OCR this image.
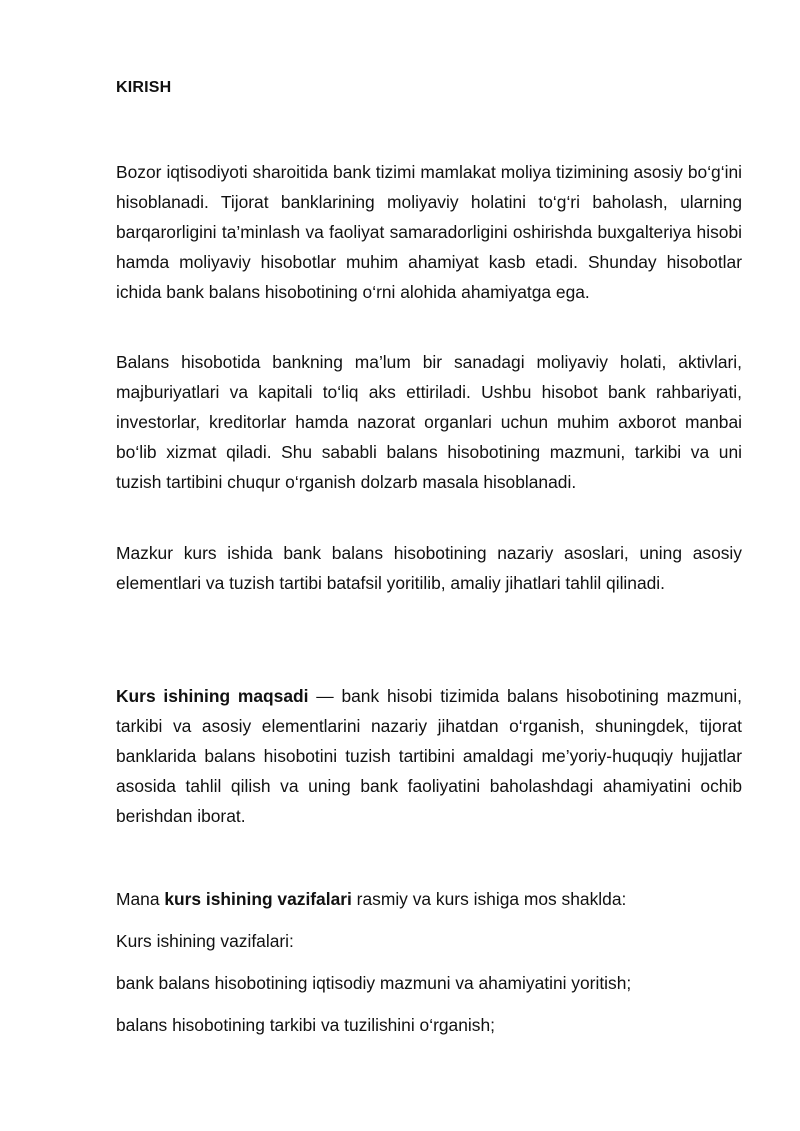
KIRISH

Bozor iqtisodiyoti sharoitida bank tizimi mamlakat moliya tizimining asosiy bo‘g‘ini hisoblanadi. Tijorat banklarining moliyaviy holatini to‘g‘ri baholash, ularning barqarorligini ta’minlash va faoliyat samaradorligini oshirishda buxgalteriya hisobi hamda moliyaviy hisobotlar muhim ahamiyat kasb etadi. Shunday hisobotlar ichida bank balans hisobotining o‘rni alohida ahamiyatga ega.

Balans hisobotida bankning ma’lum bir sanadagi moliyaviy holati, aktivlari, majburiyatlari va kapitali to‘liq aks ettiriladi. Ushbu hisobot bank rahbariyati, investorlar, kreditorlar hamda nazorat organlari uchun muhim axborot manbai bo‘lib xizmat qiladi. Shu sababli balans hisobotining mazmuni, tarkibi va uni tuzish tartibini chuqur o‘rganish dolzarb masala hisoblanadi.

Mazkur kurs ishida bank balans hisobotining nazariy asoslari, uning asosiy elementlari va tuzish tartibi batafsil yoritilib, amaliy jihatlari tahlil qilinadi.

Kurs ishining maqsadi — bank hisobi tizimida balans hisobotining mazmuni, tarkibi va asosiy elementlarini nazariy jihatdan o‘rganish, shuningdek, tijorat banklarida balans hisobotini tuzish tartibini amaldagi me’yoriy-huquqiy hujjatlar asosida tahlil qilish va uning bank faoliyatini baholashdagi ahamiyatini ochib berishdan iborat.

Mana kurs ishining vazifalari rasmiy va kurs ishiga mos shaklda:

Kurs ishining vazifalari:

bank balans hisobotining iqtisodiy mazmuni va ahamiyatini yoritish;

balans hisobotining tarkibi va tuzilishini o‘rganish;
